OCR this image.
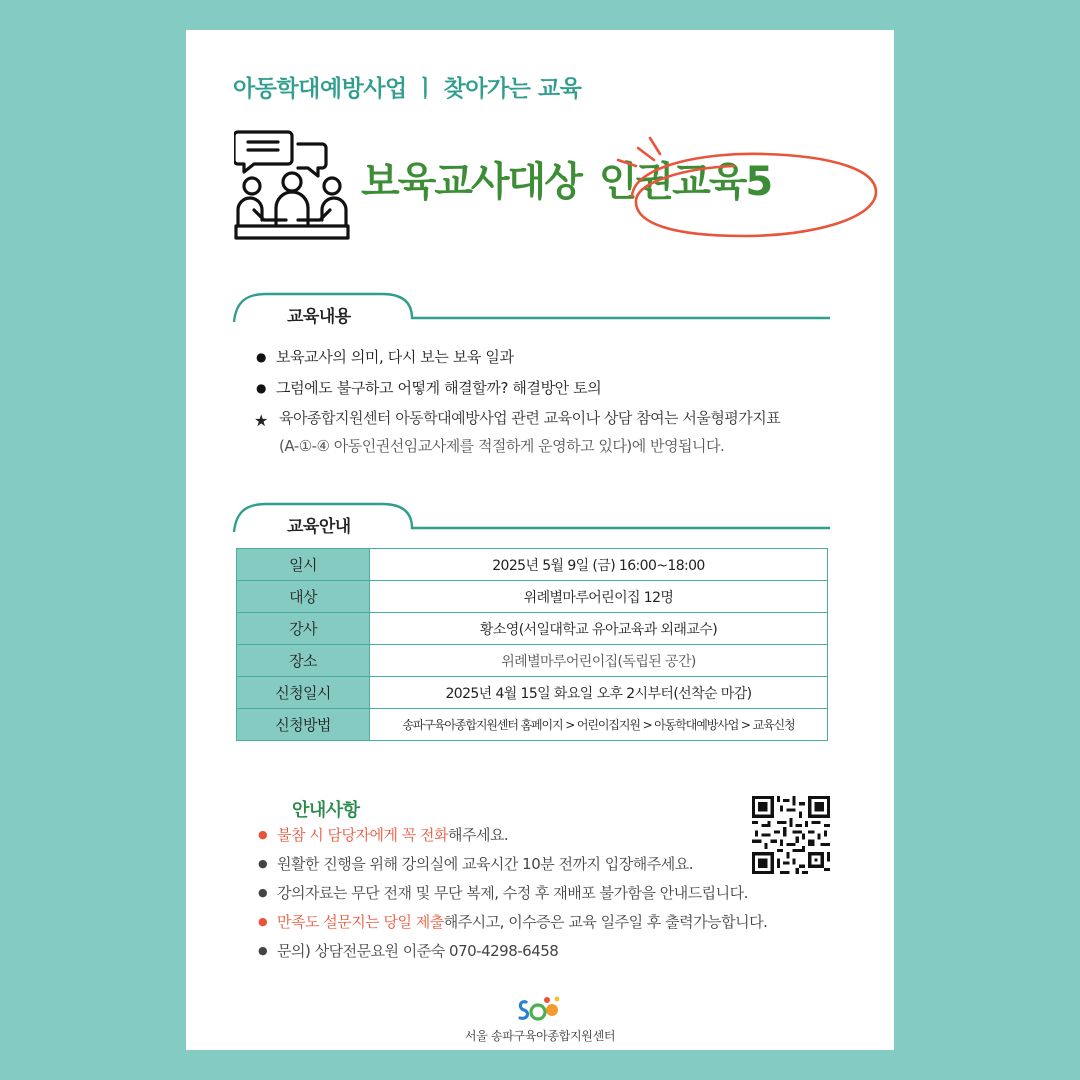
아동학대예방사업 ㅣ 찾아가는 교육
보육교사대상 인권교육5
교육내용
● 보육교사의 의미, 다시 보는 보육 일과
● 그럼에도 불구하고 어떻게 해결할까? 해결방안 토의
★ 육아종합지원센터 아동학대예방사업 관련 교육이나 상담 참여는 서울형평가지표
(A-①-④ 아동인권선임교사제를 적절하게 운영하고 있다)에 반영됩니다.
교육안내
일시	2025년 5월 9일 (금) 16:00~18:00
대상	위례별마루어린이집 12명
강사	황소영(서일대학교 유아교육과 외래교수)
장소	위례별마루어린이집(독립된 공간)
신청일시	2025년 4월 15일 화요일 오후 2시부터(선착순 마감)
신청방법	송파구육아종합지원센터 홈페이지 > 어린이집지원 > 아동학대예방사업 > 교육신청
안내사항
● 불참 시 담당자에게 꼭 전화해주세요.
● 원활한 진행을 위해 강의실에 교육시간 10분 전까지 입장해주세요.
● 강의자료는 무단 전재 및 무단 복제, 수정 후 재배포 불가함을 안내드립니다.
● 만족도 설문지는 당일 제출해주시고, 이수증은 교육 일주일 후 출력가능합니다.
● 문의) 상담전문요원 이준숙 070-4298-6458
서울 송파구육아종합지원센터
